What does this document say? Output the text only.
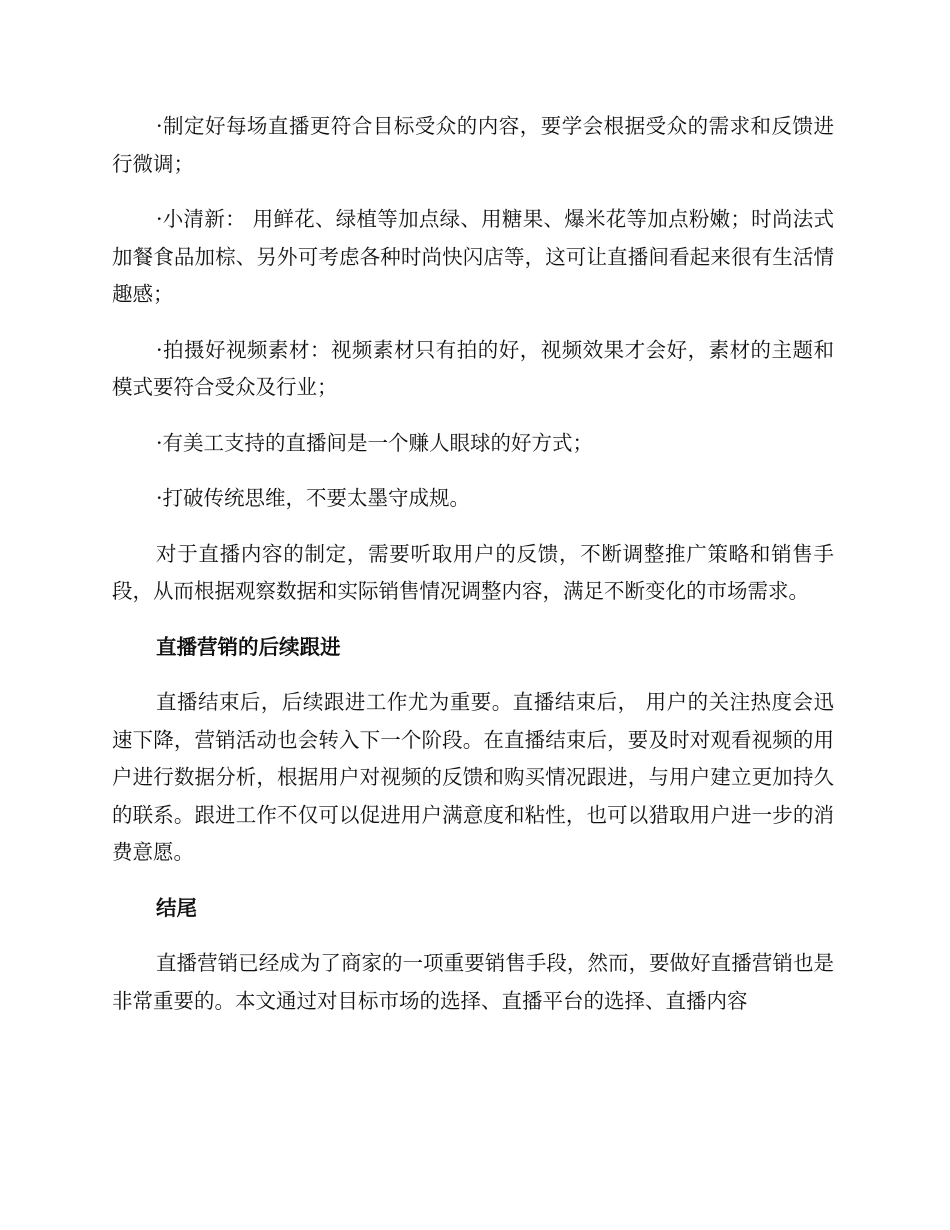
·制定好每场直播更符合目标受众的内容，要学会根据受众的需求和反馈进行微调；

·小清新： 用鲜花、绿植等加点绿、用糖果、爆米花等加点粉嫩；时尚法式加餐食品加棕、另外可考虑各种时尚快闪店等，这可让直播间看起来很有生活情趣感；

·拍摄好视频素材：视频素材只有拍的好，视频效果才会好，素材的主题和模式要符合受众及行业；

·有美工支持的直播间是一个赚人眼球的好方式；

·打破传统思维，不要太墨守成规。

对于直播内容的制定，需要听取用户的反馈，不断调整推广策略和销售手段，从而根据观察数据和实际销售情况调整内容，满足不断变化的市场需求。

直播营销的后续跟进

直播结束后，后续跟进工作尤为重要。直播结束后， 用户的关注热度会迅速下降，营销活动也会转入下一个阶段。在直播结束后，要及时对观看视频的用户进行数据分析，根据用户对视频的反馈和购买情况跟进，与用户建立更加持久的联系。跟进工作不仅可以促进用户满意度和粘性，也可以猎取用户进一步的消费意愿。

结尾

直播营销已经成为了商家的一项重要销售手段，然而，要做好直播营销也是非常重要的。本文通过对目标市场的选择、直播平台的选择、直播内容
